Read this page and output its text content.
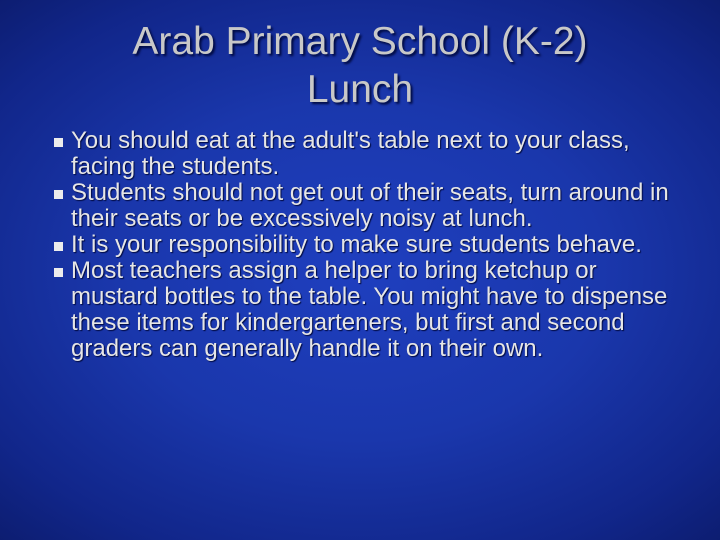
Arab Primary School (K-2)
Lunch
You should eat at the adult's table next to your class, facing the students.
Students should not get out of their seats, turn around in their seats or be excessively noisy at lunch.
It is your responsibility to make sure students behave.
Most teachers assign a helper to bring ketchup or mustard bottles to the table. You might have to dispense these items for kindergarteners, but first and second graders can generally handle it on their own.
